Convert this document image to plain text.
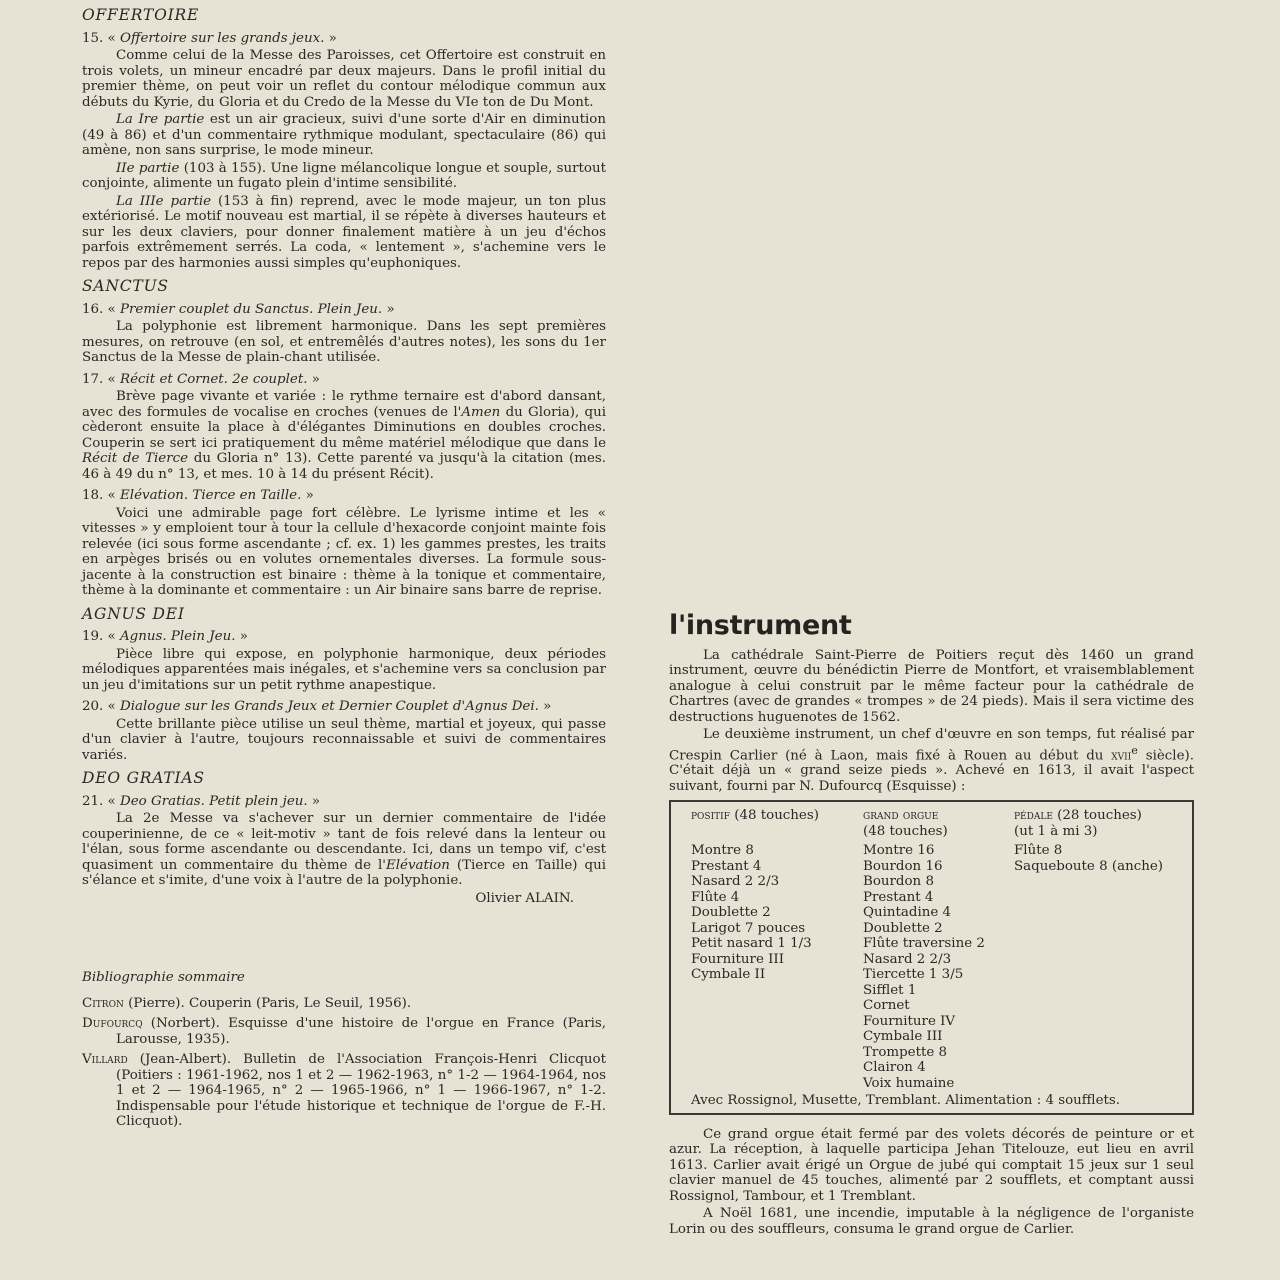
OFFERTOIRE
15. « Offertoire sur les grands jeux. »

Comme celui de la Messe des Paroisses, cet Offertoire est construit en trois volets, un mineur encadré par deux majeurs. Dans le profil initial du premier thème, on peut voir un reflet du contour mélodique commun aux débuts du Kyrie, du Gloria et du Credo de la Messe du VIe ton de Du Mont.

La Ire partie est un air gracieux, suivi d'une sorte d'Air en diminution (49 à 86) et d'un commentaire rythmique modulant, spectaculaire (86) qui amène, non sans surprise, le mode mineur.

IIe partie (103 à 155). Une ligne mélancolique longue et souple, surtout conjointe, alimente un fugato plein d'intime sensibilité.

La IIIe partie (153 à fin) reprend, avec le mode majeur, un ton plus extériorisé. Le motif nouveau est martial, il se répète à diverses hauteurs et sur les deux claviers, pour donner finalement matière à un jeu d'échos parfois extrêmement serrés. La coda, « lentement », s'achemine vers le repos par des harmonies aussi simples qu'euphoniques.

SANCTUS
16. « Premier couplet du Sanctus. Plein Jeu. »

La polyphonie est librement harmonique. Dans les sept premières mesures, on retrouve (en sol, et entremêlés d'autres notes), les sons du 1er Sanctus de la Messe de plain-chant utilisée.

17. « Récit et Cornet. 2e couplet. »

Brève page vivante et variée : le rythme ternaire est d'abord dansant, avec des formules de vocalise en croches (venues de l'Amen du Gloria), qui cèderont ensuite la place à d'élégantes Diminutions en doubles croches. Couperin se sert ici pratiquement du même matériel mélodique que dans le Récit de Tierce du Gloria n° 13). Cette parenté va jusqu'à la citation (mes. 46 à 49 du n° 13, et mes. 10 à 14 du présent Récit).

18. « Elévation. Tierce en Taille. »

Voici une admirable page fort célèbre. Le lyrisme intime et les « vitesses » y emploient tour à tour la cellule d'hexacorde conjoint mainte fois relevée (ici sous forme ascendante ; cf. ex. 1) les gammes prestes, les traits en arpèges brisés ou en volutes ornementales diverses. La formule sous-jacente à la construction est binaire : thème à la tonique et commentaire, thème à la dominante et commentaire : un Air binaire sans barre de reprise.

AGNUS DEI
19. « Agnus. Plein Jeu. »

Pièce libre qui expose, en polyphonie harmonique, deux périodes mélodiques apparentées mais inégales, et s'achemine vers sa conclusion par un jeu d'imitations sur un petit rythme anapestique.

20. « Dialogue sur les Grands Jeux et Dernier Couplet d'Agnus Dei. »

Cette brillante pièce utilise un seul thème, martial et joyeux, qui passe d'un clavier à l'autre, toujours reconnaissable et suivi de commentaires variés.

DEO GRATIAS
21. « Deo Gratias. Petit plein jeu. »

La 2e Messe va s'achever sur un dernier commentaire de l'idée couperinienne, de ce « leit-motiv » tant de fois relevé dans la lenteur ou l'élan, sous forme ascendante ou descendante. Ici, dans un tempo vif, c'est quasiment un commentaire du thème de l'Elévation (Tierce en Taille) qui s'élance et s'imite, d'une voix à l'autre de la polyphonie.

Olivier ALAIN.

Bibliographie sommaire

Citron (Pierre). Couperin (Paris, Le Seuil, 1956).

Dufourcq (Norbert). Esquisse d'une histoire de l'orgue en France (Paris, Larousse, 1935).

Villard (Jean-Albert). Bulletin de l'Association François-Henri Clicquot (Poitiers : 1961-1962, nos 1 et 2 — 1962-1963, n° 1-2 — 1964-1964, nos 1 et 2 — 1964-1965, n° 2 — 1965-1966, n° 1 — 1966-1967, n° 1-2. Indispensable pour l'étude historique et technique de l'orgue de F.-H. Clicquot).

l'instrument

La cathédrale Saint-Pierre de Poitiers reçut dès 1460 un grand instrument, œuvre du bénédictin Pierre de Montfort, et vraisemblablement analogue à celui construit par le même facteur pour la cathédrale de Chartres (avec de grandes « trompes » de 24 pieds). Mais il sera victime des destructions huguenotes de 1562.

Le deuxième instrument, un chef d'œuvre en son temps, fut réalisé par Crespin Carlier (né à Laon, mais fixé à Rouen au début du xvii$^e$ siècle). C'était déjà un « grand seize pieds ». Achevé en 1613, il avait l'aspect suivant, fourni par N. Dufourcq (Esquisse) :

positif (48 touches)
Montre 8
Prestant 4
Nasard 2 2/3
Flûte 4
Doublette 2
Larigot 7 pouces
Petit nasard 1 1/3
Fourniture III
Cymbale II
grand orgue
(48 touches)
Montre 16
Bourdon 16
Bourdon 8
Prestant 4
Quintadine 4
Doublette 2
Flûte traversine 2
Nasard 2 2/3
Tiercette 1 3/5
Sifflet 1
Cornet
Fourniture IV
Cymbale III
Trompette 8
Clairon 4
Voix humaine
pédale (28 touches)
(ut 1 à mi 3)
Flûte 8
Saqueboute 8 (anche)
Avec Rossignol, Musette, Tremblant. Alimentation : 4 soufflets.

Ce grand orgue était fermé par des volets décorés de peinture or et azur. La réception, à laquelle participa Jehan Titelouze, eut lieu en avril 1613. Carlier avait érigé un Orgue de jubé qui comptait 15 jeux sur 1 seul clavier manuel de 45 touches, alimenté par 2 soufflets, et comptant aussi Rossignol, Tambour, et 1 Tremblant.

A Noël 1681, une incendie, imputable à la négligence de l'organiste Lorin ou des souffleurs, consuma le grand orgue de Carlier.
